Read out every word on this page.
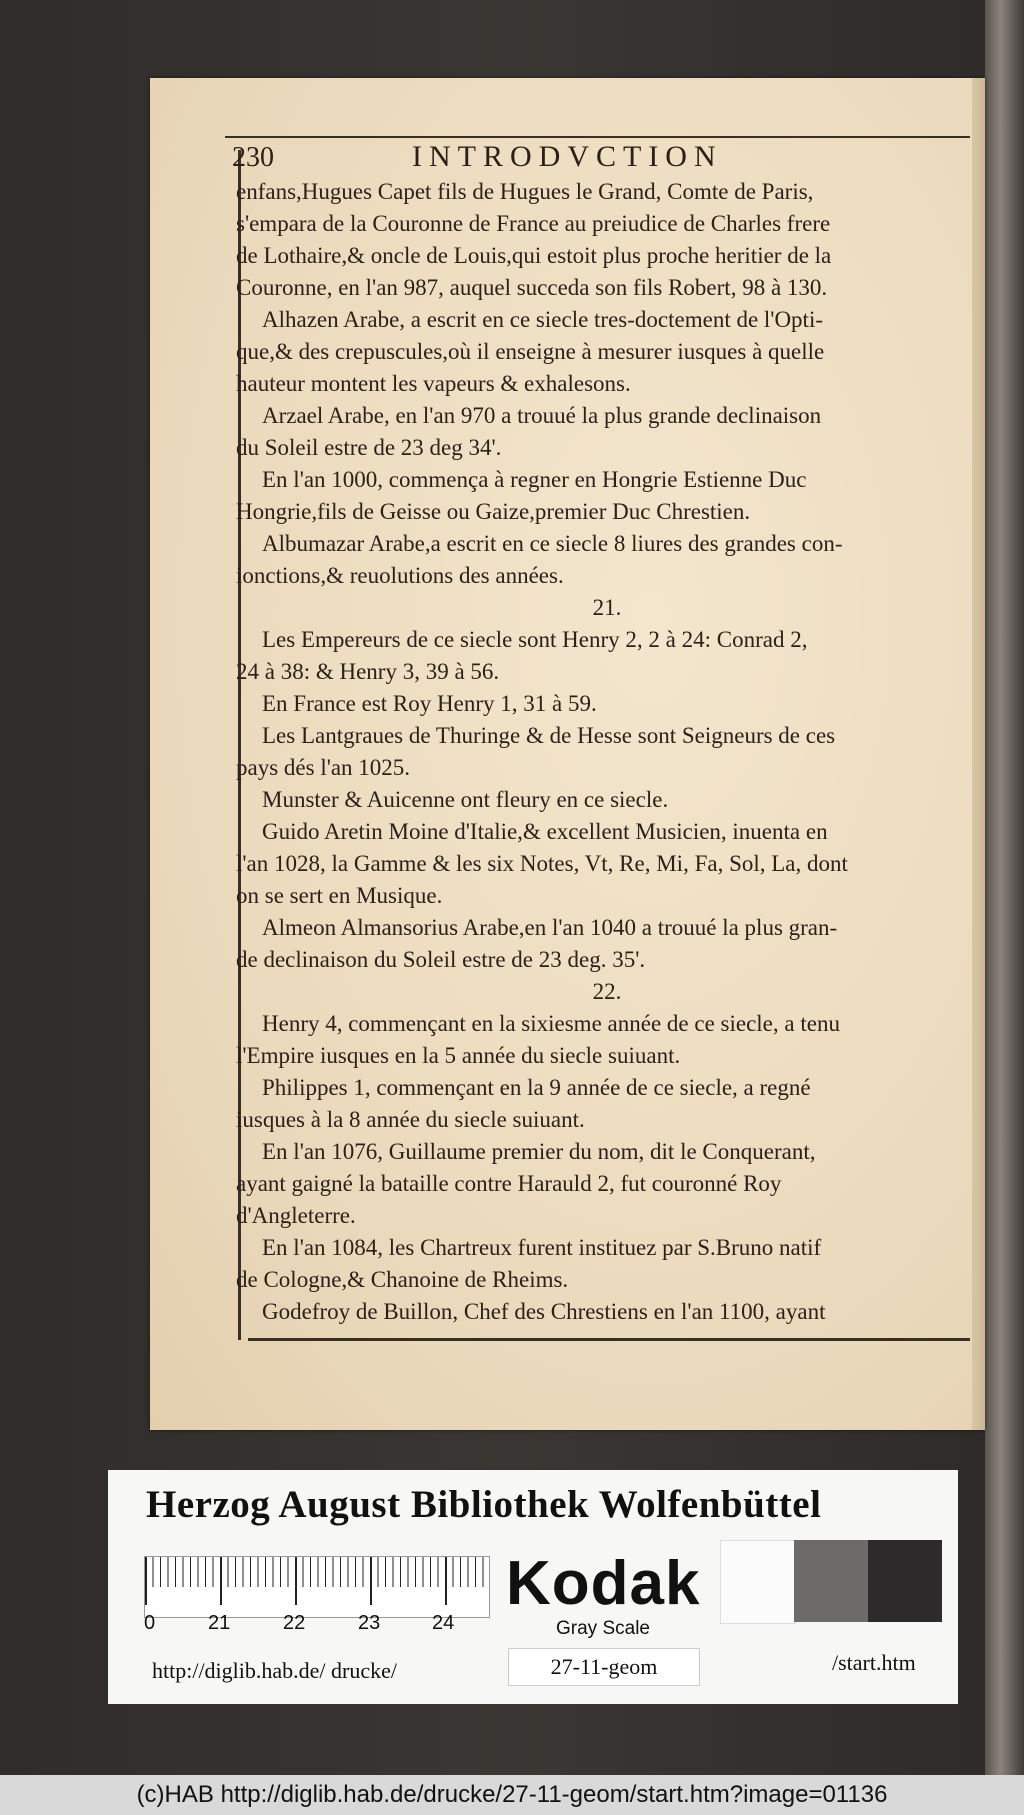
230	INTRODVCTION
enfans,Hugues Capet fils de Hugues le Grand, Comte de Paris,
s'empara de la Couronne de France au preiudice de Charles frere
de Lothaire,& oncle de Louis,qui estoit plus proche heritier de la
Couronne, en l'an 987, auquel succeda son fils Robert, 98 à 130.
Alhazen Arabe, a escrit en ce siecle tres-doctement de l'Opti-
que,& des crepuscules,où il enseigne à mesurer iusques à quelle
hauteur montent les vapeurs & exhalesons.
Arzael Arabe, en l'an 970 a trouué la plus grande declinaison
du Soleil estre de 23 deg 34'.
En l'an 1000, commença à regner en Hongrie Estienne Duc
Hongrie,fils de Geisse ou Gaize,premier Duc Chrestien.
Albumazar Arabe,a escrit en ce siecle 8 liures des grandes con-
ionctions,& reuolutions des années.
21.
Les Empereurs de ce siecle sont Henry 2, 2 à 24: Conrad 2,
24 à 38: & Henry 3, 39 à 56.
En France est Roy Henry 1, 31 à 59.
Les Lantgraues de Thuringe & de Hesse sont Seigneurs de ces
pays dés l'an 1025.
Munster & Auicenne ont fleury en ce siecle.
Guido Aretin Moine d'Italie,& excellent Musicien, inuenta en
l'an 1028, la Gamme & les six Notes, Vt, Re, Mi, Fa, Sol, La, dont
on se sert en Musique.
Almeon Almansorius Arabe,en l'an 1040 a trouué la plus gran-
de declinaison du Soleil estre de 23 deg. 35'.
22.
Henry 4, commençant en la sixiesme année de ce siecle, a tenu
l'Empire iusques en la 5 année du siecle suiuant.
Philippes 1, commençant en la 9 année de ce siecle, a regné
iusques à la 8 année du siecle suiuant.
En l'an 1076, Guillaume premier du nom, dit le Conquerant,
ayant gaigné la bataille contre Harauld 2, fut couronné Roy
d'Angleterre.
En l'an 1084, les Chartreux furent instituez par S.Bruno natif
de Cologne,& Chanoine de Rheims.
Godefroy de Buillon, Chef des Chrestiens en l'an 1100, ayant
Herzog August Bibliothek Wolfenbüttel
0	21	22	23	24
Kodak
Gray Scale
http://diglib.hab.de/ drucke/	27-11-geom	/start.htm
(c)HAB http://diglib.hab.de/drucke/27-11-geom/start.htm?image=01136
